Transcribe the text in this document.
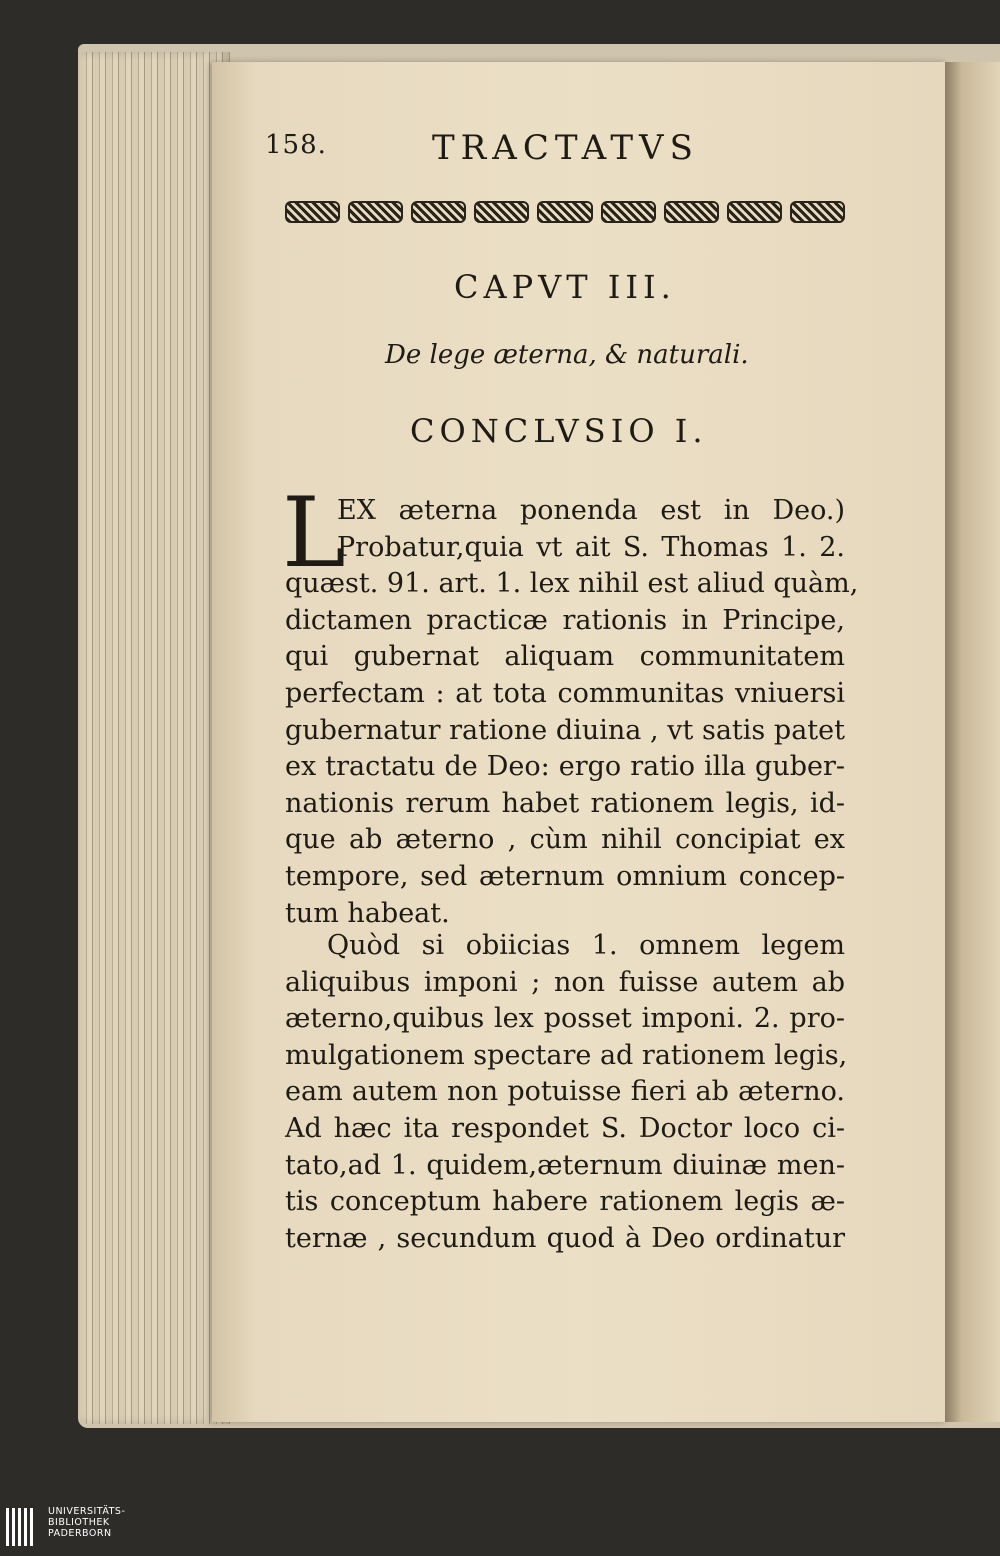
158.	TRACTATVS
CAPVT III.
De lege æterna, & naturali.
CONCLVSIO I.
L
EX æterna ponenda est in Deo.)
Probatur,quia vt ait S. Thomas 1. 2.
quæst. 91. art. 1. lex nihil est aliud quàm,
dictamen practicæ rationis in Principe,
qui gubernat aliquam communitatem
perfectam : at tota communitas vniuersi
gubernatur ratione diuina , vt satis patet
ex tractatu de Deo: ergo ratio illa guber-
nationis rerum habet rationem legis, id-
que ab æterno , cùm nihil concipiat ex
tempore, sed æternum omnium concep-
tum habeat.
Quòd si obiicias 1. omnem legem
aliquibus imponi ; non fuisse autem ab
æterno,quibus lex posset imponi. 2. pro-
mulgationem spectare ad rationem legis,
eam autem non potuisse fieri ab æterno.
Ad hæc ita respondet S. Doctor loco ci-
tato,ad 1. quidem,æternum diuinæ men-
tis conceptum habere rationem legis æ-
ternæ , secundum quod à Deo ordinatur
UNIVERSITÄTS-
BIBLIOTHEK
PADERBORN
